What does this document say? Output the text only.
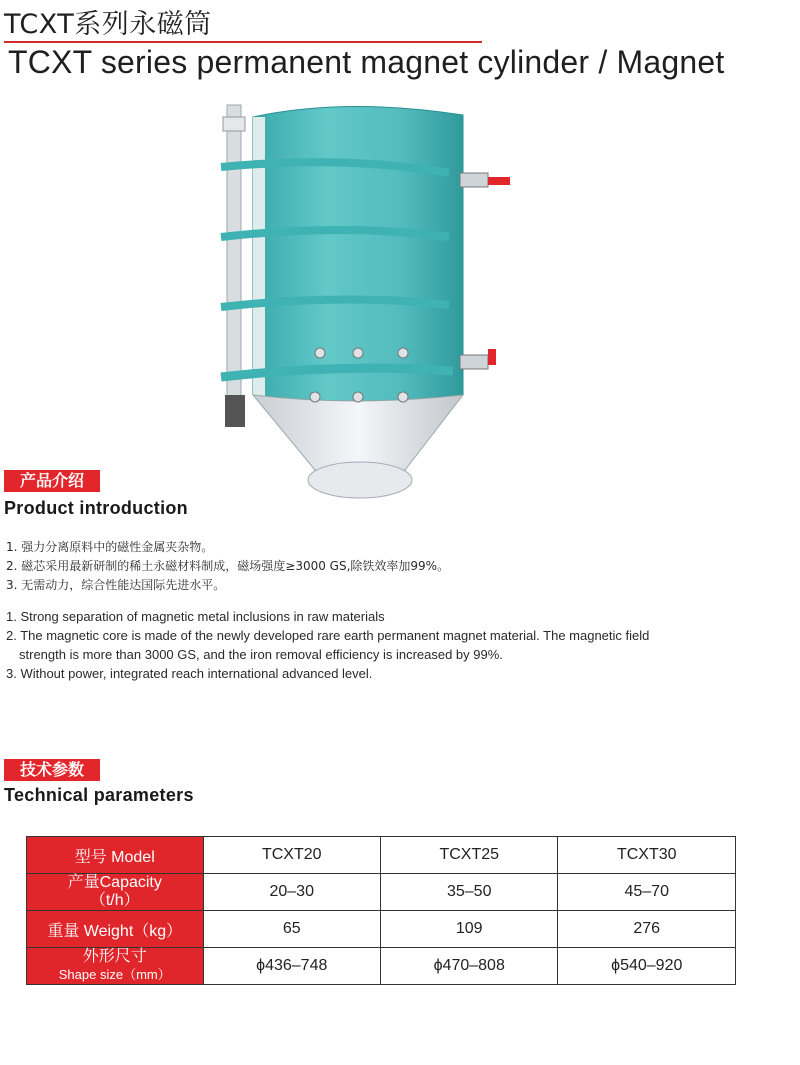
TCXT系列永磁筒
TCXT series permanent magnet cylinder / Magnet
产品介绍
Product introduction
1. 强力分离原料中的磁性金属夹杂物。
2. 磁芯采用最新研制的稀土永磁材料制成，磁场强度≥3000 GS,除铁效率加99%。
3. 无需动力，综合性能达国际先进水平。
1. Strong separation of magnetic metal inclusions in raw materials
2. The magnetic core is made of the newly developed rare earth permanent magnet material. The magnetic field
strength is more than 3000 GS, and the iron removal efficiency is increased by 99%.
3. Without power, integrated reach international advanced level.
技术参数
Technical parameters
型号 Model	TCXT20	TCXT25	TCXT30

产量Capacity
（t/h）	20–30	35–50	45–70
重量 Weight（kg）	65	109	276

外形尺寸
Shape size（mm）	ϕ436–748	ϕ470–808	ϕ540–920
